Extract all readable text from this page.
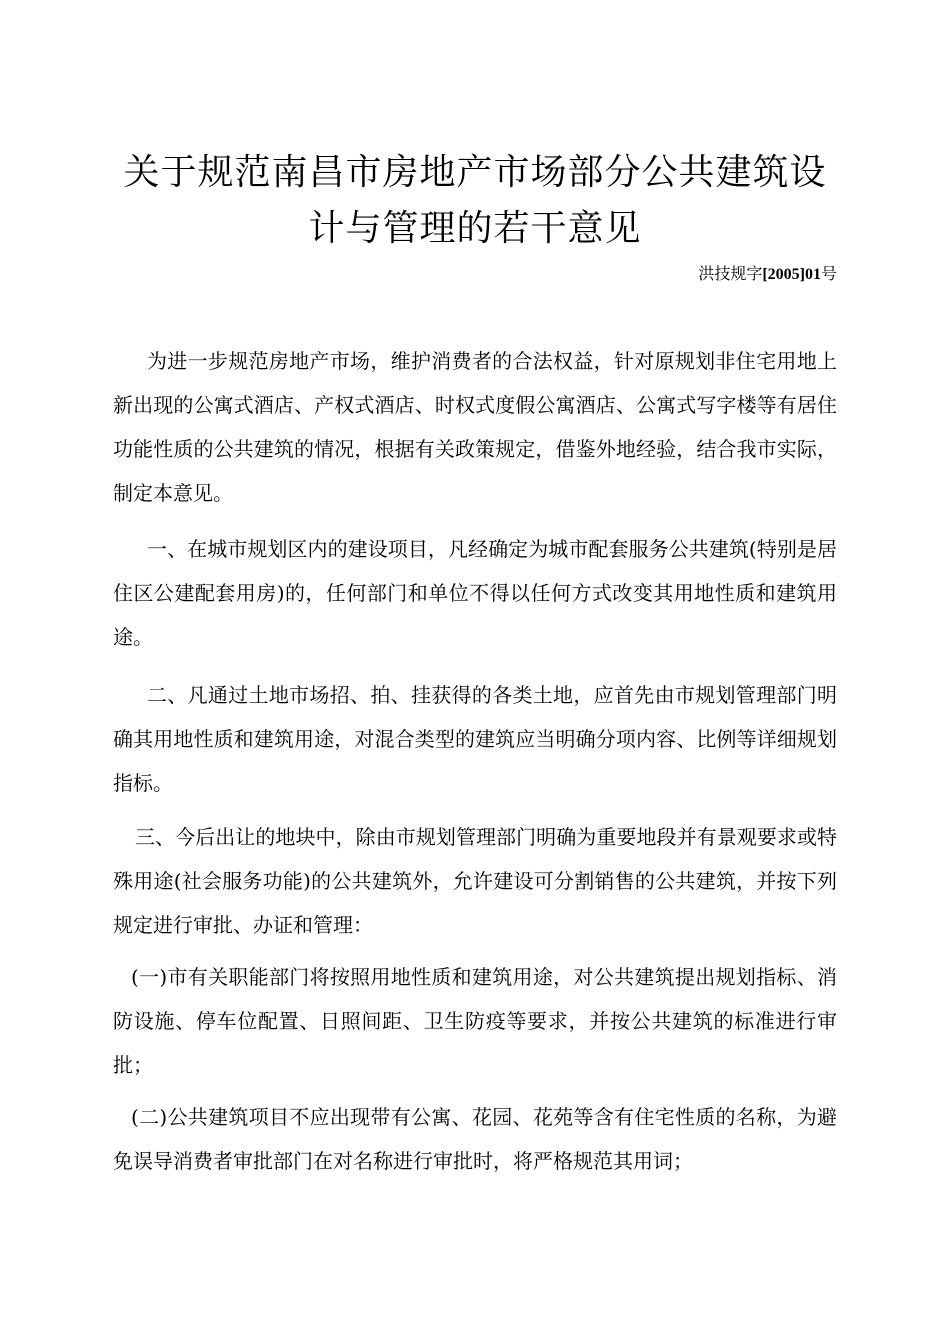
关于规范南昌市房地产市场部分公共建筑设计与管理的若干意见
洪技规字[2005]01号

为进一步规范房地产市场，维护消费者的合法权益，针对原规划非住宅用地上新出现的公寓式酒店、产权式酒店、时权式度假公寓酒店、公寓式写字楼等有居住功能性质的公共建筑的情况，根据有关政策规定，借鉴外地经验，结合我市实际，制定本意见。

一、在城市规划区内的建设项目，凡经确定为城市配套服务公共建筑(特别是居住区公建配套用房)的，任何部门和单位不得以任何方式改变其用地性质和建筑用途。

二、凡通过土地市场招、拍、挂获得的各类土地，应首先由市规划管理部门明确其用地性质和建筑用途，对混合类型的建筑应当明确分项内容、比例等详细规划指标。

三、今后出让的地块中，除由市规划管理部门明确为重要地段并有景观要求或特殊用途(社会服务功能)的公共建筑外，允许建设可分割销售的公共建筑，并按下列规定进行审批、办证和管理：

(一)市有关职能部门将按照用地性质和建筑用途，对公共建筑提出规划指标、消防设施、停车位配置、日照间距、卫生防疫等要求，并按公共建筑的标准进行审批；

(二)公共建筑项目不应出现带有公寓、花园、花苑等含有住宅性质的名称，为避免误导消费者审批部门在对名称进行审批时，将严格规范其用词；
